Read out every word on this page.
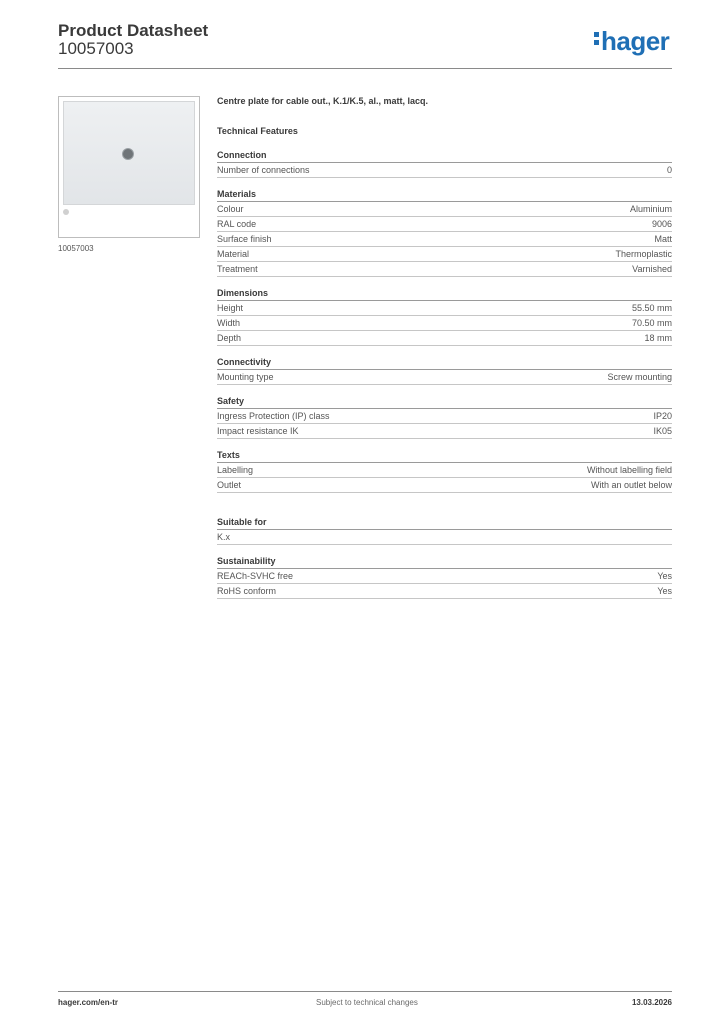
Product Datasheet
10057003	hager
10057003
Centre plate for cable out., K.1/K.5, al., matt, lacq.
Technical Features
Connection
Number of connections	0
Materials
Colour	Aluminium
RAL code	9006
Surface finish	Matt
Material	Thermoplastic
Treatment	Varnished
Dimensions
Height	55.50 mm
Width	70.50 mm
Depth	18 mm
Connectivity
Mounting type	Screw mounting
Safety
Ingress Protection (IP) class	IP20
Impact resistance IK	IK05
Texts
Labelling	Without labelling field
Outlet	With an outlet below
Suitable for
K.x
Sustainability
REACh-SVHC free	Yes
RoHS conform	Yes
hager.com/en-tr	Subject to technical changes	13.03.2026
